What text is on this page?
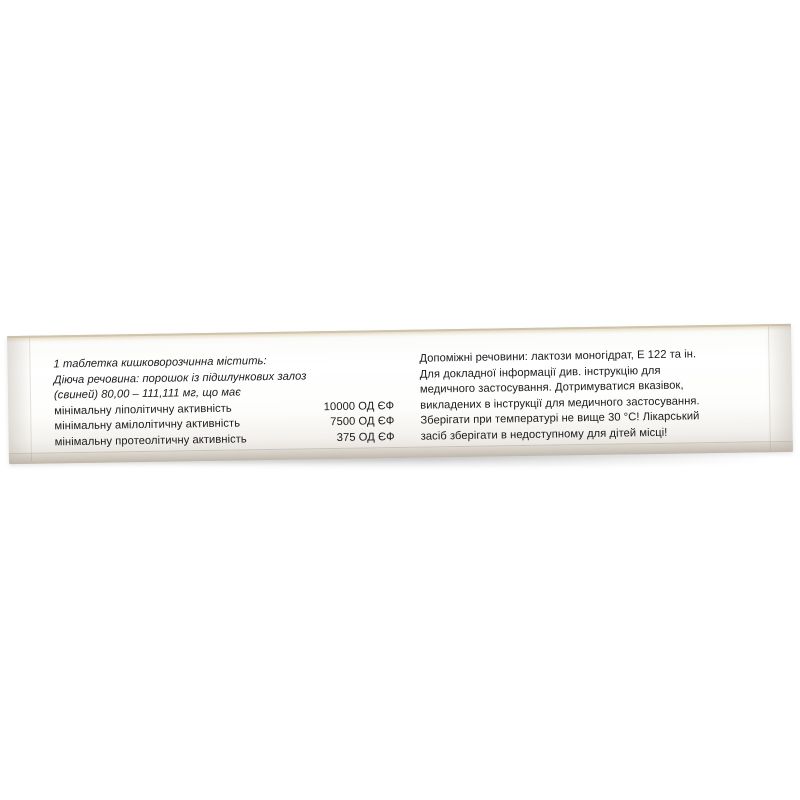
1 таблетка кишковорозчинна містить:
Діюча речовина: порошок із підшлункових залоз
(свиней) 80,00 – 111,111 мг, що має
мінімальну ліполітичну активність	10000 ОД ЄФ
мінімальну амілолітичну активність	7500 ОД ЄФ
мінімальну протеолітичну активність	375 ОД ЄФ
Допоміжні речовини: лактози моногідрат, Е 122 та ін.
Для докладної інформації див. інструкцію для
медичного застосування. Дотримуватися вказівок,
викладених в інструкції для медичного застосування.
Зберігати при температурі не вище 30 °C! Лікарський
засіб зберігати в недоступному для дітей місці!
